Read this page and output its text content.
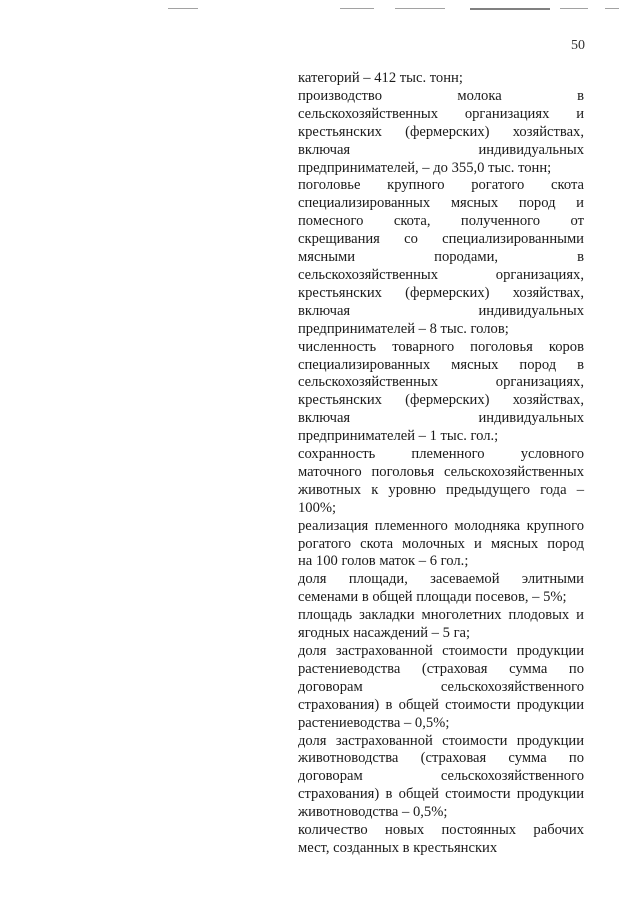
50

категорий – 412 тыс. тонн;

производство молока в
сельскохозяйственных организациях и
крестьянских (фермерских) хозяйствах,
включая индивидуальных
предпринимателей, – до 355,0 тыс. тонн;

поголовье крупного рогатого скота
специализированных мясных пород и
помесного скота, полученного от
скрещивания со специализированными
мясными породами, в
сельскохозяйственных организациях,
крестьянских (фермерских) хозяйствах,
включая индивидуальных
предпринимателей – 8 тыс. голов;

численность товарного поголовья коров
специализированных мясных пород в
сельскохозяйственных организациях,
крестьянских (фермерских) хозяйствах,
включая индивидуальных
предпринимателей – 1 тыс. гол.;

сохранность племенного условного
маточного поголовья сельскохозяйственных
животных к уровню предыдущего года –
100%;

реализация племенного молодняка крупного
рогатого скота молочных и мясных пород
на 100 голов маток – 6 гол.;

доля площади, засеваемой элитными
семенами в общей площади посевов, – 5%;

площадь закладки многолетних плодовых и
ягодных насаждений – 5 га;

доля застрахованной стоимости продукции
растениеводства (страховая сумма по
договорам сельскохозяйственного
страхования) в общей стоимости продукции
растениеводства – 0,5%;

доля застрахованной стоимости продукции
животноводства (страховая сумма по
договорам сельскохозяйственного
страхования) в общей стоимости продукции
животноводства – 0,5%;

количество новых постоянных рабочих
мест, созданных в крестьянских
